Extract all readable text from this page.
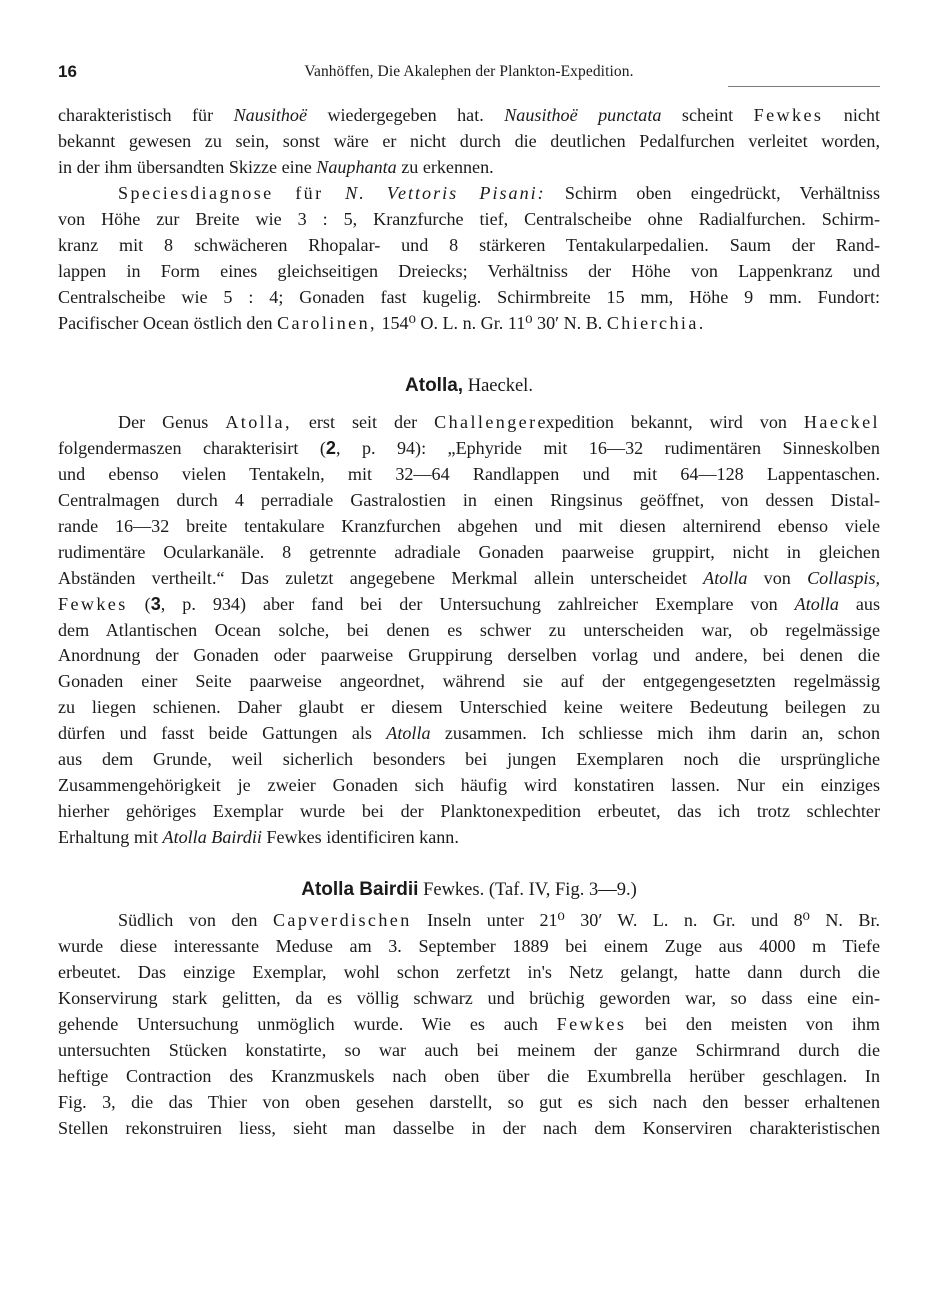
16	Vanhöffen, Die Akalephen der Plankton-Expedition.
charakteristisch für Nausithoë wiedergegeben hat. Nausithoë punctata scheint Fewkes nicht
bekannt gewesen zu sein, sonst wäre er nicht durch die deutlichen Pedalfurchen verleitet worden,
in der ihm übersandten Skizze eine Nauphanta zu erkennen.
Speciesdiagnose für N. Vettoris Pisani: Schirm oben eingedrückt, Verhältniss
von Höhe zur Breite wie 3 : 5, Kranzfurche tief, Centralscheibe ohne Radialfurchen. Schirm-
kranz mit 8 schwächeren Rhopalar- und 8 stärkeren Tentakularpedalien. Saum der Rand-
lappen in Form eines gleichseitigen Dreiecks; Verhältniss der Höhe von Lappenkranz und
Centralscheibe wie 5 : 4; Gonaden fast kugelig. Schirmbreite 15 mm, Höhe 9 mm. Fundort:
Pacifischer Ocean östlich den Carolinen, 154⁰ O. L. n. Gr. 11⁰ 30′ N. B. Chierchia.
Atolla, Haeckel.
Der Genus Atolla, erst seit der Challengerexpedition bekannt, wird von Haeckel
folgendermaszen charakterisirt (2, p. 94): „Ephyride mit 16—32 rudimentären Sinneskolben
und ebenso vielen Tentakeln, mit 32—64 Randlappen und mit 64—128 Lappentaschen.
Centralmagen durch 4 perradiale Gastralostien in einen Ringsinus geöffnet, von dessen Distal-
rande 16—32 breite tentakulare Kranzfurchen abgehen und mit diesen alternirend ebenso viele
rudimentäre Ocularkanäle. 8 getrennte adradiale Gonaden paarweise gruppirt, nicht in gleichen
Abständen vertheilt.“ Das zuletzt angegebene Merkmal allein unterscheidet Atolla von Collaspis,
Fewkes (3, p. 934) aber fand bei der Untersuchung zahlreicher Exemplare von Atolla aus
dem Atlantischen Ocean solche, bei denen es schwer zu unterscheiden war, ob regelmässige
Anordnung der Gonaden oder paarweise Gruppirung derselben vorlag und andere, bei denen die
Gonaden einer Seite paarweise angeordnet, während sie auf der entgegengesetzten regelmässig
zu liegen schienen. Daher glaubt er diesem Unterschied keine weitere Bedeutung beilegen zu
dürfen und fasst beide Gattungen als Atolla zusammen. Ich schliesse mich ihm darin an, schon
aus dem Grunde, weil sicherlich besonders bei jungen Exemplaren noch die ursprüngliche
Zusammengehörigkeit je zweier Gonaden sich häufig wird konstatiren lassen. Nur ein einziges
hierher gehöriges Exemplar wurde bei der Planktonexpedition erbeutet, das ich trotz schlechter
Erhaltung mit Atolla Bairdii Fewkes identificiren kann.
Atolla Bairdii Fewkes. (Taf. IV, Fig. 3—9.)
Südlich von den Capverdischen Inseln unter 21⁰ 30′ W. L. n. Gr. und 8⁰ N. Br.
wurde diese interessante Meduse am 3. September 1889 bei einem Zuge aus 4000 m Tiefe
erbeutet. Das einzige Exemplar, wohl schon zerfetzt in's Netz gelangt, hatte dann durch die
Konservirung stark gelitten, da es völlig schwarz und brüchig geworden war, so dass eine ein-
gehende Untersuchung unmöglich wurde. Wie es auch Fewkes bei den meisten von ihm
untersuchten Stücken konstatirte, so war auch bei meinem der ganze Schirmrand durch die
heftige Contraction des Kranzmuskels nach oben über die Exumbrella herüber geschlagen. In
Fig. 3, die das Thier von oben gesehen darstellt, so gut es sich nach den besser erhaltenen
Stellen rekonstruiren liess, sieht man dasselbe in der nach dem Konserviren charakteristischen
